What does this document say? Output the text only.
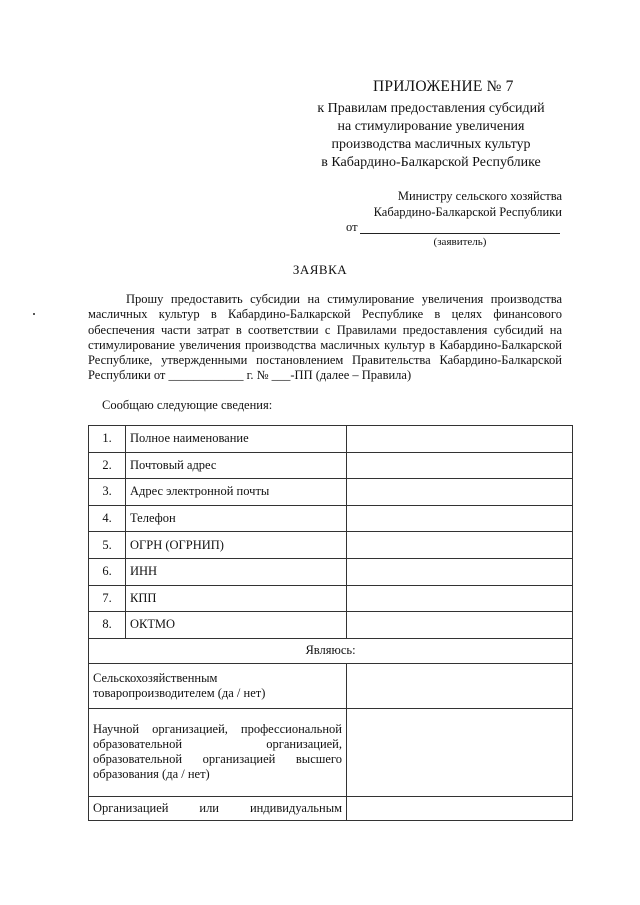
ПРИЛОЖЕНИЕ № 7
к Правилам предоставления субсидий
на стимулирование увеличения
производства масличных культур
в Кабардино-Балкарской Республике
Министру сельского хозяйства
Кабардино-Балкарской Республики
от
(заявитель)
ЗАЯВКА
Прошу предоставить субсидии на стимулирование увеличения производства масличных культур в Кабардино-Балкарской Республике в целях финансового обеспечения части затрат в соответствии с Правилами предоставления субсидий на стимулирование увеличения производства масличных культур в Кабардино-Балкарской Республике, утвержденными постановлением Правительства Кабардино-Балкарской Республики от ____________ г. № ___-ПП (далее – Правила)
Сообщаю следующие сведения:
1.	Полное наименование	
2.	Почтовый адрес	
3.	Адрес электронной почты	
4.	Телефон	
5.	ОГРН (ОГРНИП)	
6.	ИНН	
7.	КПП	
8.	ОКТМО	
Являюсь:		
Сельскохозяйственным товаропроизводителем (да / нет)		
Научной организацией, профессиональной образовательной организацией, образовательной организацией высшего образования (да / нет)		
Организацией или индивидуальным		
